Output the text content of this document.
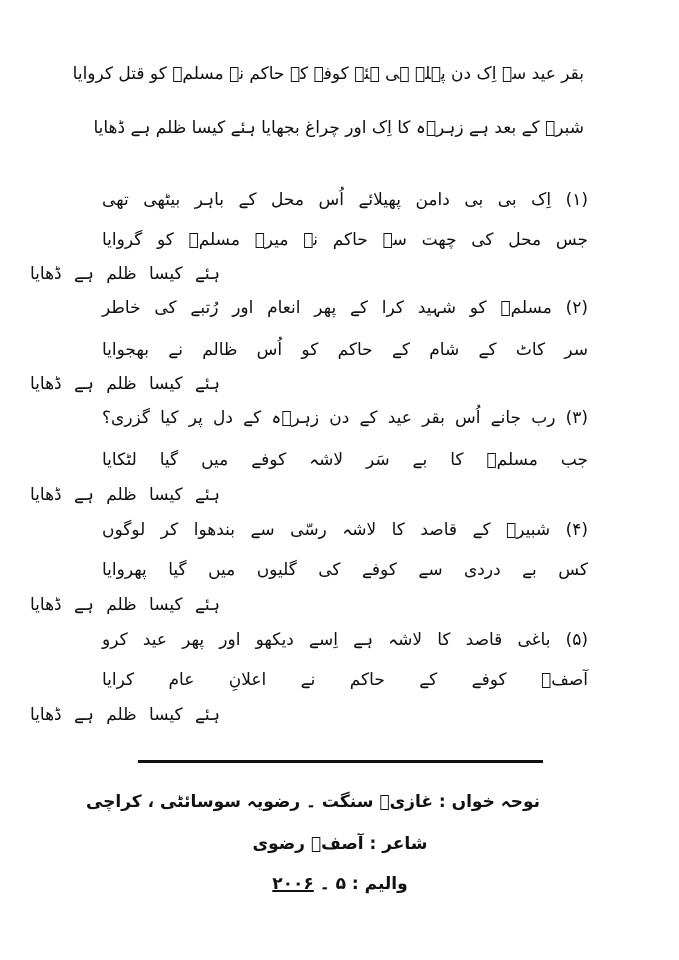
بقر عید سے اِک دن پہلے ہی ہئے کوفے کے حاکم نے مسلمؑ کو قتل کروایا
شبرؑ کے بعد ہے زہرؑہ کا اِک اور چراغ بجھایا ہئے کیسا ظلم ہے ڈھایا
(۱) اِک بی بی دامن پھیلائے اُس محل کے باہر بیٹھی تھی
جس محل کی چھت سے حاکم نے میرے مسلمؑ کو گروایا
ہئے کیسا ظلم ہے ڈھایا
(۲) مسلمؑ کو شہید کرا کے پھر انعام اور رُتبے کی خاطر
سر کاٹ کے شام کے حاکم کو اُس ظالم نے بھجوایا
ہئے کیسا ظلم ہے ڈھایا
(۳) رب جانے اُس بقر عید کے دن زہرؑہ کے دل پر کیا گزری؟
جب مسلمؑ کا بے سَر لاشہ کوفے میں گیا لٹکایا
ہئے کیسا ظلم ہے ڈھایا
(۴) شبیرؑ کے قاصد کا لاشہ رسّی سے بندھوا کر لوگوں
کس بے دردی سے کوفے کی گلیوں میں گیا پھروایا
ہئے کیسا ظلم ہے ڈھایا
(۵) باغی قاصد کا لاشہ ہے اِسے دیکھو اور پھر عید کرو
آصفؔ کوفے کے حاکم نے اعلانِ عام کرایا
ہئے کیسا ظلم ہے ڈھایا
نوحہ خواں : غازیؑ سنگت ۔ رضویہ سوسائٹی ، کراچی
شاعر : آصفؔ رضوی
والیم : ۵ ۔ ۲۰۰۶
